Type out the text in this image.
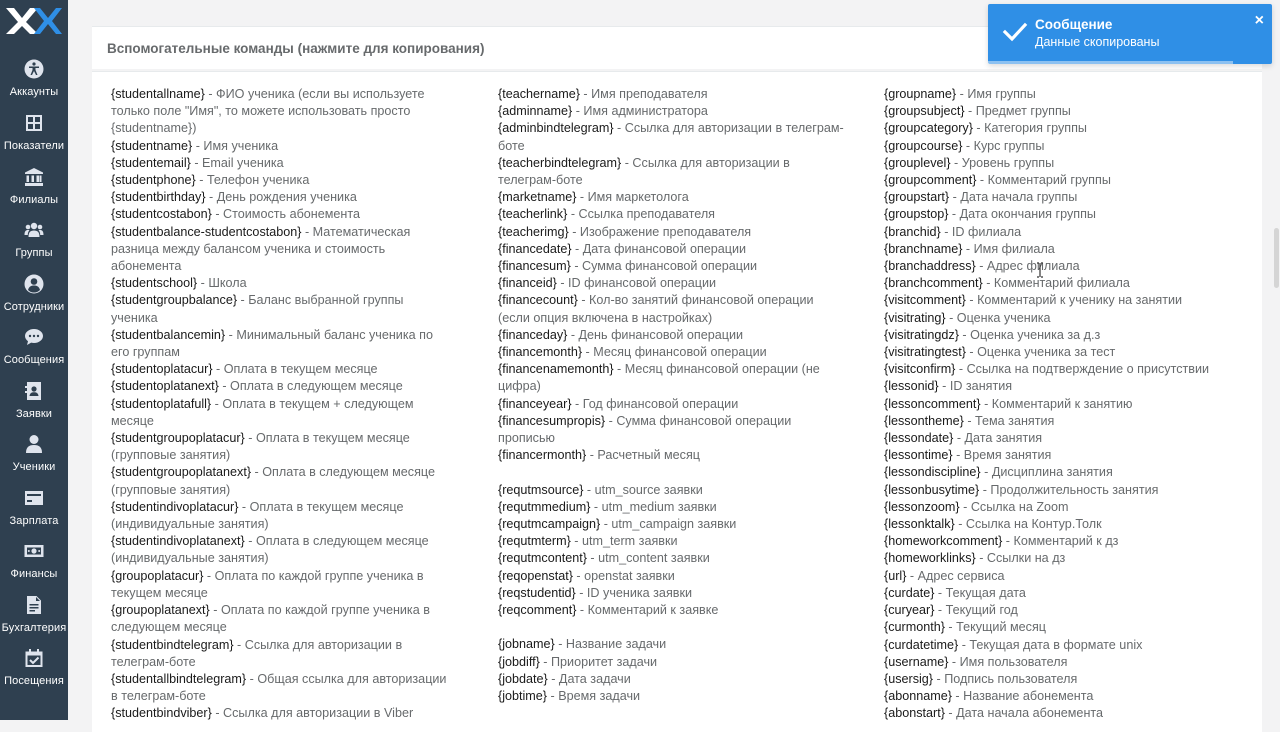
Аккаунты
Показатели
Филиалы
Группы
Сотрудники
Сообщения
Заявки
Ученики
Зарплата
Финансы
Бухгалтерия
Посещения
Вспомогательные команды (нажмите для копирования)
{studentallname} - ФИО ученика (если вы используете
только поле "Имя", то можете использовать просто
{studentname})
{studentname} - Имя ученика
{studentemail} - Email ученика
{studentphone} - Телефон ученика
{studentbirthday} - День рождения ученика
{studentcostabon} - Стоимость абонемента
{studentbalance-studentcostabon} - Математическая
разница между балансом ученика и стоимость
абонемента
{studentschool} - Школа
{studentgroupbalance} - Баланс выбранной группы
ученика
{studentbalancemin} - Минимальный баланс ученика по
его группам
{studentoplatacur} - Оплата в текущем месяце
{studentoplatanext} - Оплата в следующем месяце
{studentoplatafull} - Оплата в текущем + следующем
месяце
{studentgroupoplatacur} - Оплата в текущем месяце
(групповые занятия)
{studentgroupoplatanext} - Оплата в следующем месяце
(групповые занятия)
{studentindivoplatacur} - Оплата в текущем месяце
(индивидуальные занятия)
{studentindivoplatanext} - Оплата в следующем месяце
(индивидуальные занятия)
{groupoplatacur} - Оплата по каждой группе ученика в
текущем месяце
{groupoplatanext} - Оплата по каждой группе ученика в
следующем месяце
{studentbindtelegram} - Ссылка для авторизации в
телеграм-боте
{studentallbindtelegram} - Общая ссылка для авторизации
в телеграм-боте
{studentbindviber} - Ссылка для авторизации в Viber
{teachername} - Имя преподавателя
{adminname} - Имя администратора
{adminbindtelegram} - Ссылка для авторизации в телеграм-
боте
{teacherbindtelegram} - Ссылка для авторизации в
телеграм-боте
{marketname} - Имя маркетолога
{teacherlink} - Ссылка преподавателя
{teacherimg} - Изображение преподавателя
{financedate} - Дата финансовой операции
{financesum} - Сумма финансовой операции
{financeid} - ID финансовой операции
{financecount} - Кол-во занятий финансовой операции
(если опция включена в настройках)
{financeday} - День финансовой операции
{financemonth} - Месяц финансовой операции
{financenamemonth} - Месяц финансовой операции (не
цифра)
{financeyear} - Год финансовой операции
{financesumpropis} - Сумма финансовой операции
прописью
{financermonth} - Расчетный месяц
{requtmsource} - utm_source заявки
{requtmmedium} - utm_medium заявки
{requtmcampaign} - utm_campaign заявки
{requtmterm} - utm_term заявки
{requtmcontent} - utm_content заявки
{reqopenstat} - openstat заявки
{reqstudentid} - ID ученика заявки
{reqcomment} - Комментарий к заявке
{jobname} - Название задачи
{jobdiff} - Приоритет задачи
{jobdate} - Дата задачи
{jobtime} - Время задачи
{groupname} - Имя группы
{groupsubject} - Предмет группы
{groupcategory} - Категория группы
{groupcourse} - Курс группы
{grouplevel} - Уровень группы
{groupcomment} - Комментарий группы
{groupstart} - Дата начала группы
{groupstop} - Дата окончания группы
{branchid} - ID филиала
{branchname} - Имя филиала
{branchaddress} - Адрес филиала
{branchcomment} - Комментарий филиала
{visitcomment} - Комментарий к ученику на занятии
{visitrating} - Оценка ученика
{visitratingdz} - Оценка ученика за д.з
{visitratingtest} - Оценка ученика за тест
{visitconfirm} - Ссылка на подтверждение о присутствии
{lessonid} - ID занятия
{lessoncomment} - Комментарий к занятию
{lessontheme} - Тема занятия
{lessondate} - Дата занятия
{lessontime} - Время занятия
{lessondiscipline} - Дисциплина занятия
{lessonbusytime} - Продолжительность занятия
{lessonzoom} - Ссылка на Zoom
{lessonktalk} - Ссылка на Контур.Толк
{homeworkcomment} - Комментарий к дз
{homeworklinks} - Ссылки на дз
{url} - Адрес сервиса
{curdate} - Текущая дата
{curyear} - Текущий год
{curmonth} - Текущий месяц
{curdatetime} - Текущая дата в формате unix
{username} - Имя пользователя
{usersig} - Подпись пользователя
{abonname} - Название абонемента
{abonstart} - Дата начала абонемента
Сообщение
Данные скопированы
×
